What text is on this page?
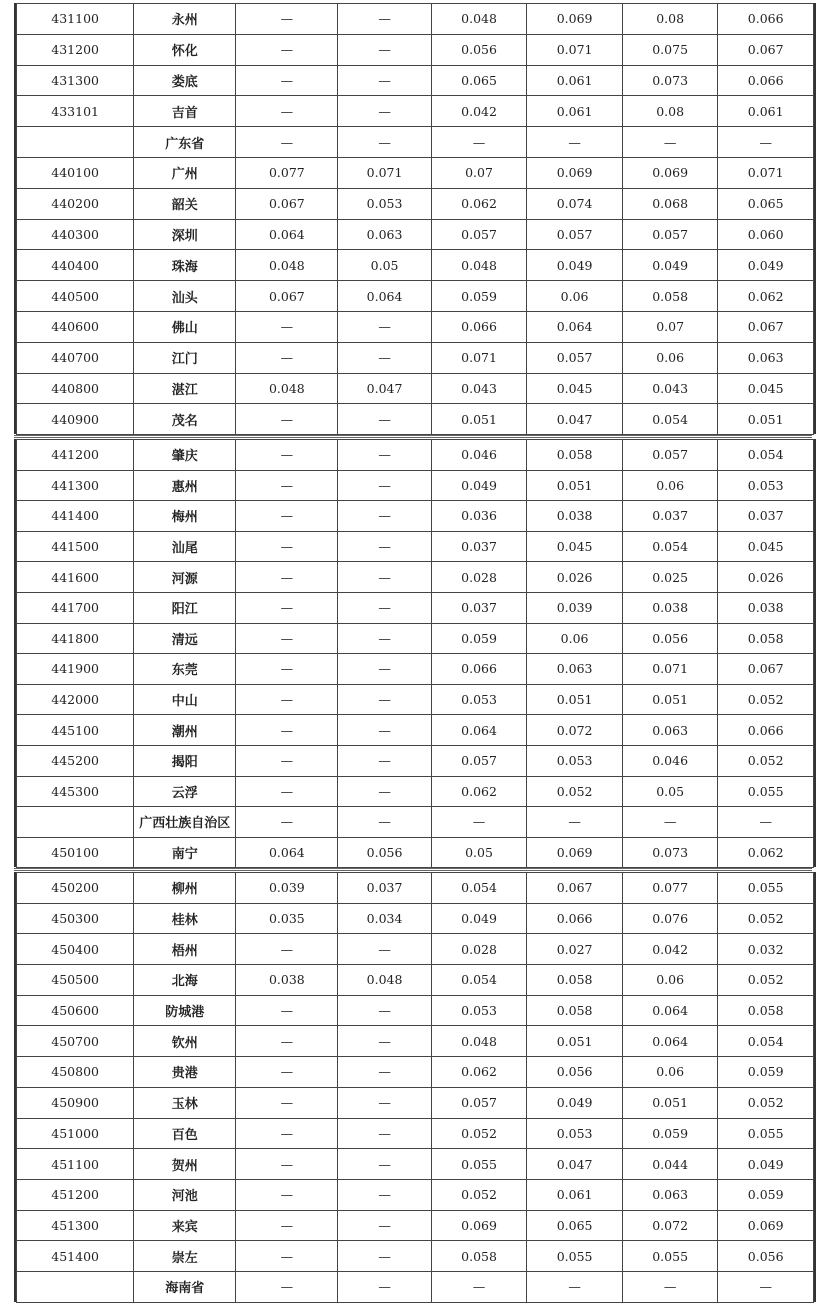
431100	永州	—	—	0.048	0.069	0.08	0.066
431200	怀化	—	—	0.056	0.071	0.075	0.067
431300	娄底	—	—	0.065	0.061	0.073	0.066
433101	吉首	—	—	0.042	0.061	0.08	0.061
	广东省	—	—	—	—	—	—
440100	广州	0.077	0.071	0.07	0.069	0.069	0.071
440200	韶关	0.067	0.053	0.062	0.074	0.068	0.065
440300	深圳	0.064	0.063	0.057	0.057	0.057	0.060
440400	珠海	0.048	0.05	0.048	0.049	0.049	0.049
440500	汕头	0.067	0.064	0.059	0.06	0.058	0.062
440600	佛山	—	—	0.066	0.064	0.07	0.067
440700	江门	—	—	0.071	0.057	0.06	0.063
440800	湛江	0.048	0.047	0.043	0.045	0.043	0.045
440900	茂名	—	—	0.051	0.047	0.054	0.051
441200	肇庆	—	—	0.046	0.058	0.057	0.054
441300	惠州	—	—	0.049	0.051	0.06	0.053
441400	梅州	—	—	0.036	0.038	0.037	0.037
441500	汕尾	—	—	0.037	0.045	0.054	0.045
441600	河源	—	—	0.028	0.026	0.025	0.026
441700	阳江	—	—	0.037	0.039	0.038	0.038
441800	清远	—	—	0.059	0.06	0.056	0.058
441900	东莞	—	—	0.066	0.063	0.071	0.067
442000	中山	—	—	0.053	0.051	0.051	0.052
445100	潮州	—	—	0.064	0.072	0.063	0.066
445200	揭阳	—	—	0.057	0.053	0.046	0.052
445300	云浮	—	—	0.062	0.052	0.05	0.055
	广西壮族自治区	—	—	—	—	—	—
450100	南宁	0.064	0.056	0.05	0.069	0.073	0.062
450200	柳州	0.039	0.037	0.054	0.067	0.077	0.055
450300	桂林	0.035	0.034	0.049	0.066	0.076	0.052
450400	梧州	—	—	0.028	0.027	0.042	0.032
450500	北海	0.038	0.048	0.054	0.058	0.06	0.052
450600	防城港	—	—	0.053	0.058	0.064	0.058
450700	钦州	—	—	0.048	0.051	0.064	0.054
450800	贵港	—	—	0.062	0.056	0.06	0.059
450900	玉林	—	—	0.057	0.049	0.051	0.052
451000	百色	—	—	0.052	0.053	0.059	0.055
451100	贺州	—	—	0.055	0.047	0.044	0.049
451200	河池	—	—	0.052	0.061	0.063	0.059
451300	来宾	—	—	0.069	0.065	0.072	0.069
451400	崇左	—	—	0.058	0.055	0.055	0.056
	海南省	—	—	—	—	—	—
